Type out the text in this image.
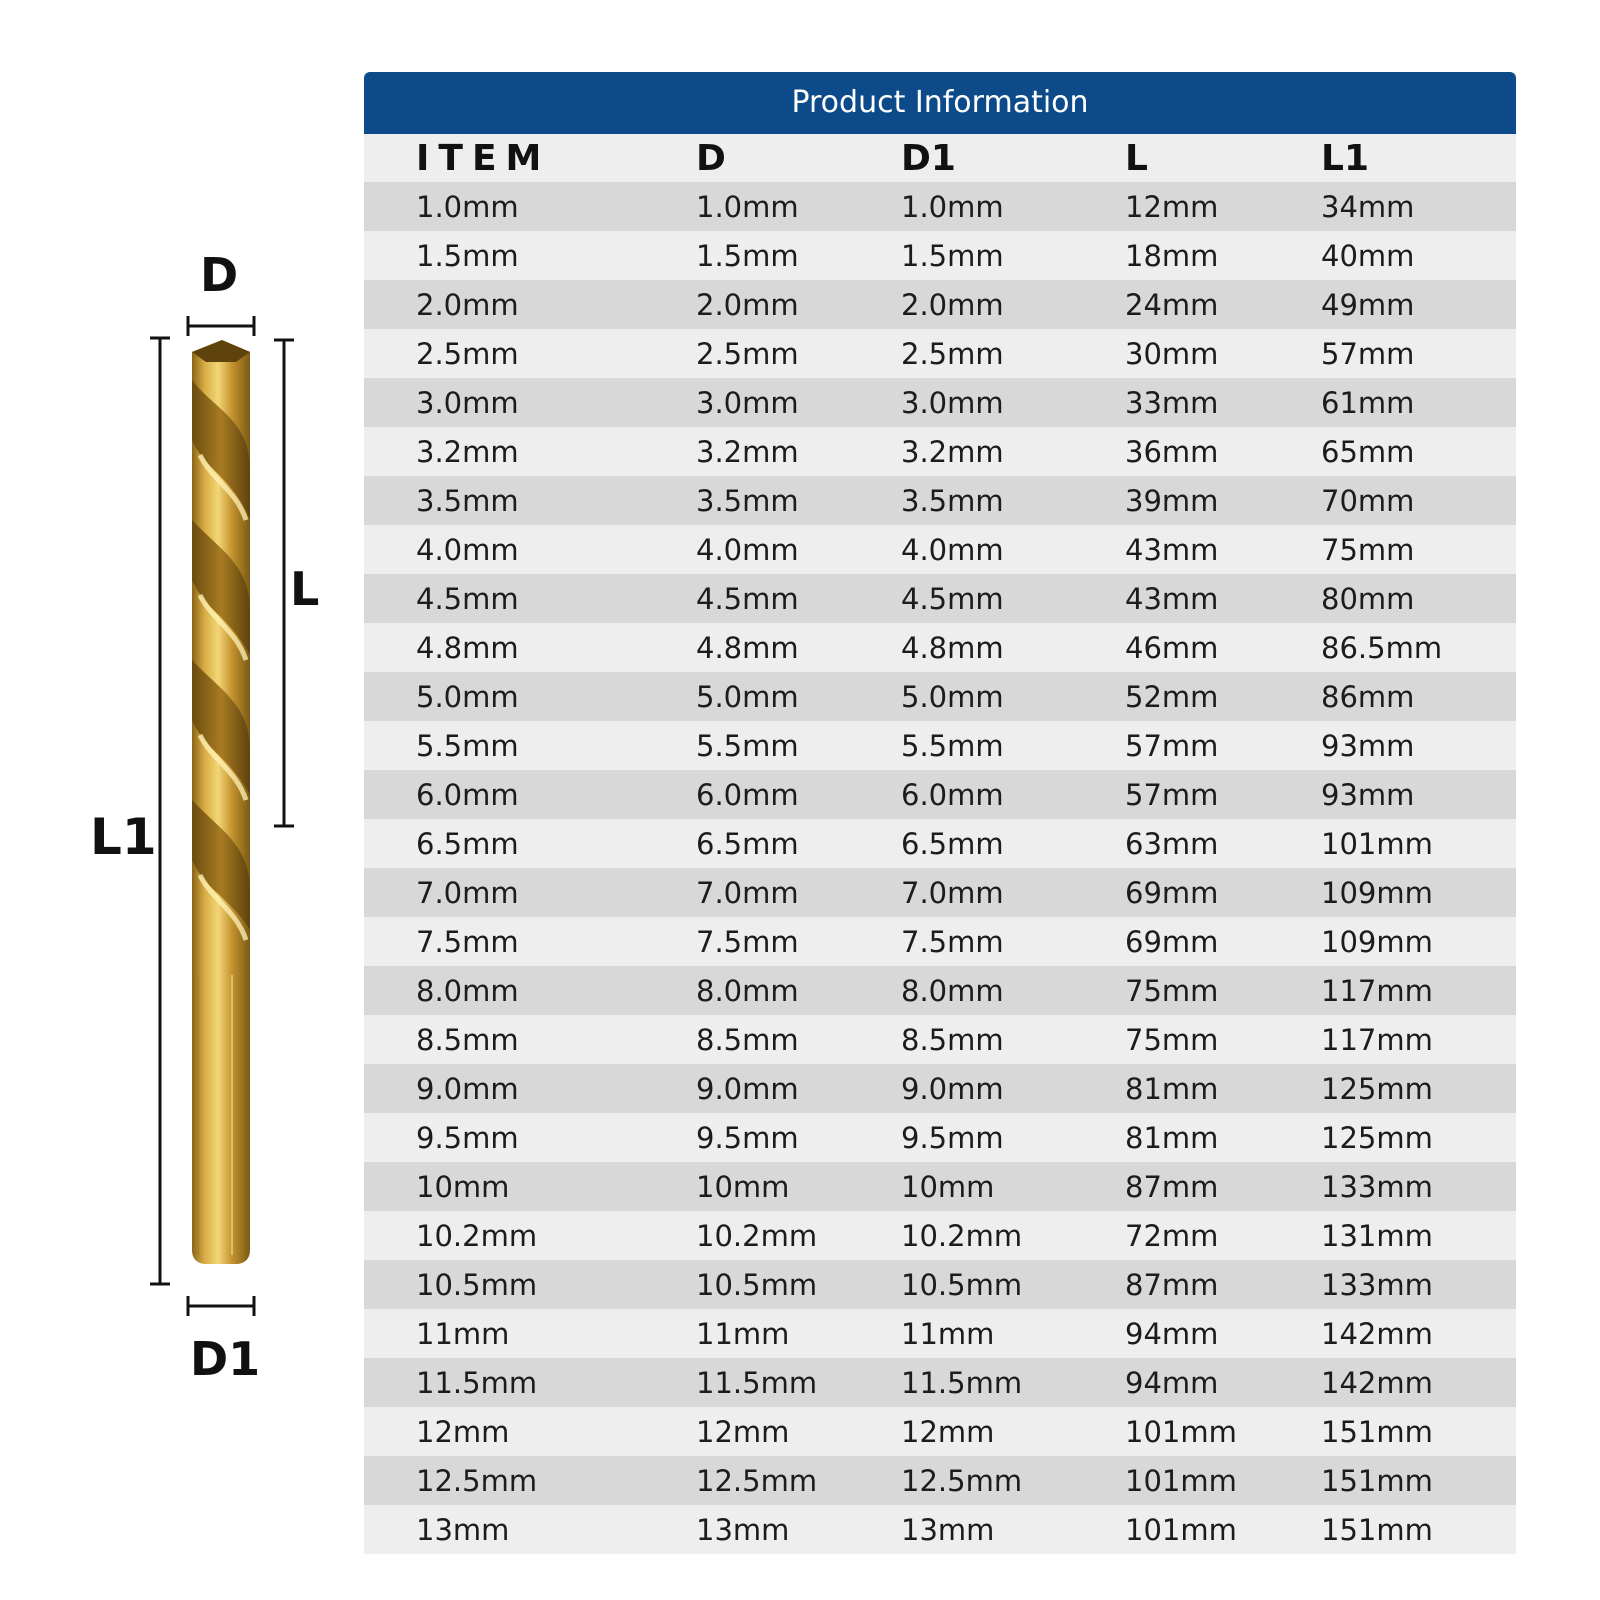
D
L
L1
D1
Product Information
ITEM	D	D1	L	L1
1.0mm	1.0mm	1.0mm	12mm	34mm
1.5mm	1.5mm	1.5mm	18mm	40mm
2.0mm	2.0mm	2.0mm	24mm	49mm
2.5mm	2.5mm	2.5mm	30mm	57mm
3.0mm	3.0mm	3.0mm	33mm	61mm
3.2mm	3.2mm	3.2mm	36mm	65mm
3.5mm	3.5mm	3.5mm	39mm	70mm
4.0mm	4.0mm	4.0mm	43mm	75mm
4.5mm	4.5mm	4.5mm	43mm	80mm
4.8mm	4.8mm	4.8mm	46mm	86.5mm
5.0mm	5.0mm	5.0mm	52mm	86mm
5.5mm	5.5mm	5.5mm	57mm	93mm
6.0mm	6.0mm	6.0mm	57mm	93mm
6.5mm	6.5mm	6.5mm	63mm	101mm
7.0mm	7.0mm	7.0mm	69mm	109mm
7.5mm	7.5mm	7.5mm	69mm	109mm
8.0mm	8.0mm	8.0mm	75mm	117mm
8.5mm	8.5mm	8.5mm	75mm	117mm
9.0mm	9.0mm	9.0mm	81mm	125mm
9.5mm	9.5mm	9.5mm	81mm	125mm
10mm	10mm	10mm	87mm	133mm
10.2mm	10.2mm	10.2mm	72mm	131mm
10.5mm	10.5mm	10.5mm	87mm	133mm
11mm	11mm	11mm	94mm	142mm
11.5mm	11.5mm	11.5mm	94mm	142mm
12mm	12mm	12mm	101mm	151mm
12.5mm	12.5mm	12.5mm	101mm	151mm
13mm	13mm	13mm	101mm	151mm
